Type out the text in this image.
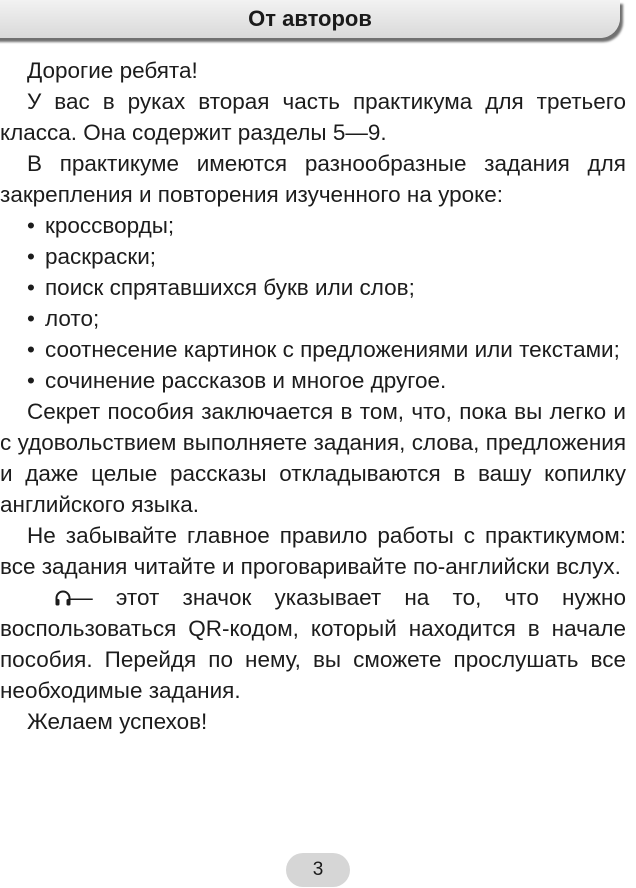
От авторов

Дорогие ребята!

У вас в руках вторая часть практикума для третьего класса. Она содержит разделы 5—9.

В практикуме имеются разнообразные задания для закрепления и повторения изученного на уроке:

• кроссворды;

• раскраски;

• поиск спрятавшихся букв или слов;

• лото;

• соотнесение картинок с предложениями или текстами;

• сочинение рассказов и многое другое.

Секрет пособия заключается в том, что, пока вы легко и с удовольствием выполняете задания, слова, предложения и даже целые рассказы откладываются в вашу копилку английского языка.

Не забывайте главное правило работы с практикумом: все задания читайте и проговаривайте по-английски вслух.

— этот значок указывает на то, что нужно воспользоваться QR-кодом, который находится в начале пособия. Перейдя по нему, вы сможете прослушать все необходимые задания.

Желаем успехов!

3
